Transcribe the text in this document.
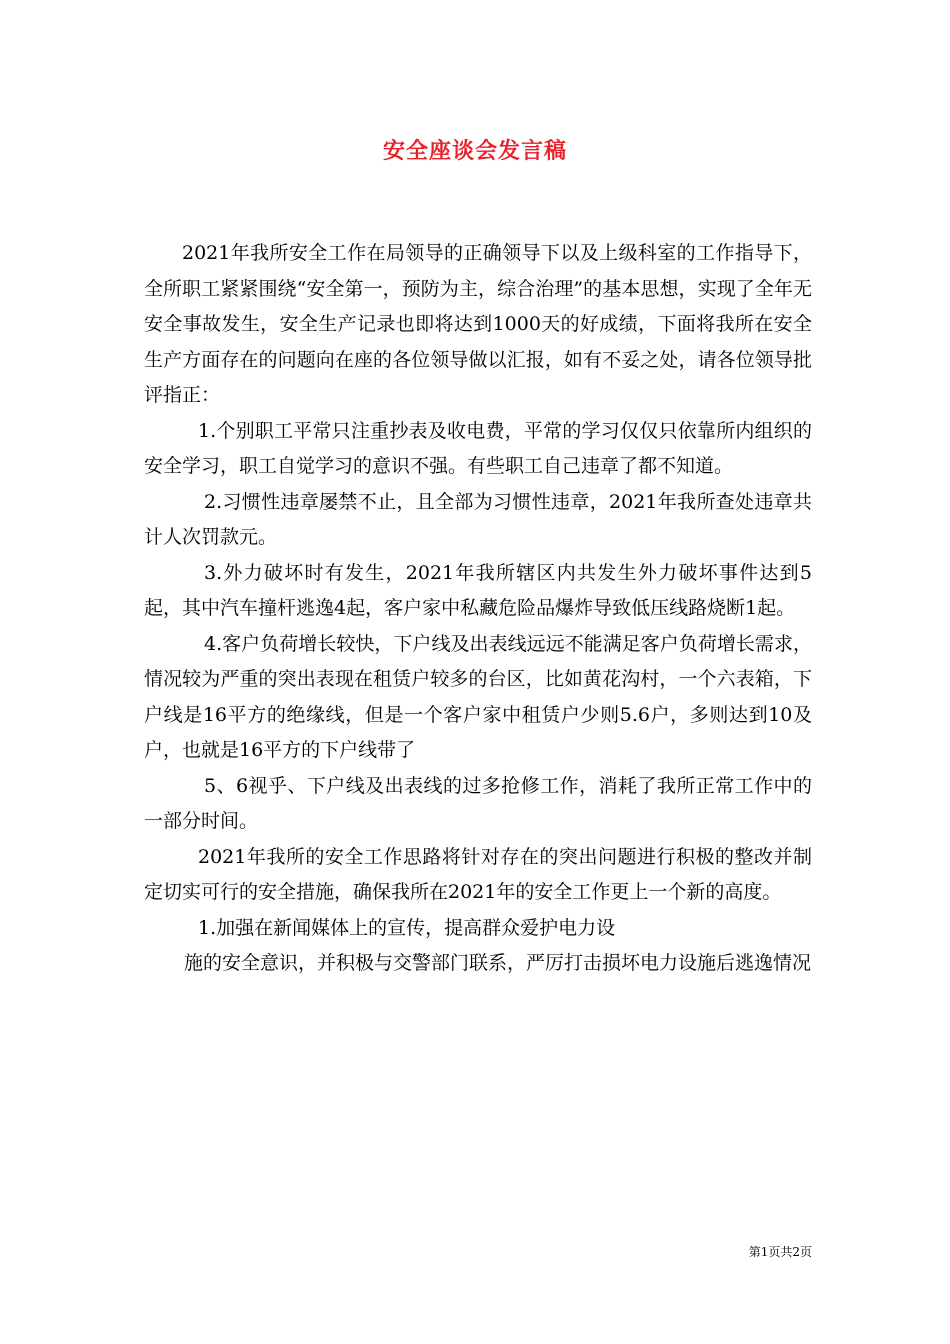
安全座谈会发言稿

2021年我所安全工作在局领导的正确领导下以及上级科室的工作指导下，全所职工紧紧围绕“安全第一，预防为主，综合治理”的基本思想，实现了全年无安全事故发生，安全生产记录也即将达到1000天的好成绩，下面将我所在安全生产方面存在的问题向在座的各位领导做以汇报，如有不妥之处，请各位领导批评指正：

1.个别职工平常只注重抄表及收电费，平常的学习仅仅只依靠所内组织的安全学习，职工自觉学习的意识不强。有些职工自己违章了都不知道。

2.习惯性违章屡禁不止，且全部为习惯性违章，2021年我所查处违章共计人次罚款元。

3.外力破坏时有发生，2021年我所辖区内共发生外力破坏事件达到5起，其中汽车撞杆逃逸4起，客户家中私藏危险品爆炸导致低压线路烧断1起。

4.客户负荷增长较快，下户线及出表线远远不能满足客户负荷增长需求，情况较为严重的突出表现在租赁户较多的台区，比如黄花沟村，一个六表箱，下户线是16平方的绝缘线，但是一个客户家中租赁户少则5.6户，多则达到10及户，也就是16平方的下户线带了

5、6视乎、下户线及出表线的过多抢修工作，消耗了我所正常工作中的一部分时间。

2021年我所的安全工作思路将针对存在的突出问题进行积极的整改并制定切实可行的安全措施，确保我所在2021年的安全工作更上一个新的高度。

1.加强在新闻媒体上的宣传，提高群众爱护电力设

施的安全意识，并积极与交警部门联系，严厉打击损坏电力设施后逃逸情况

第1页共2页
